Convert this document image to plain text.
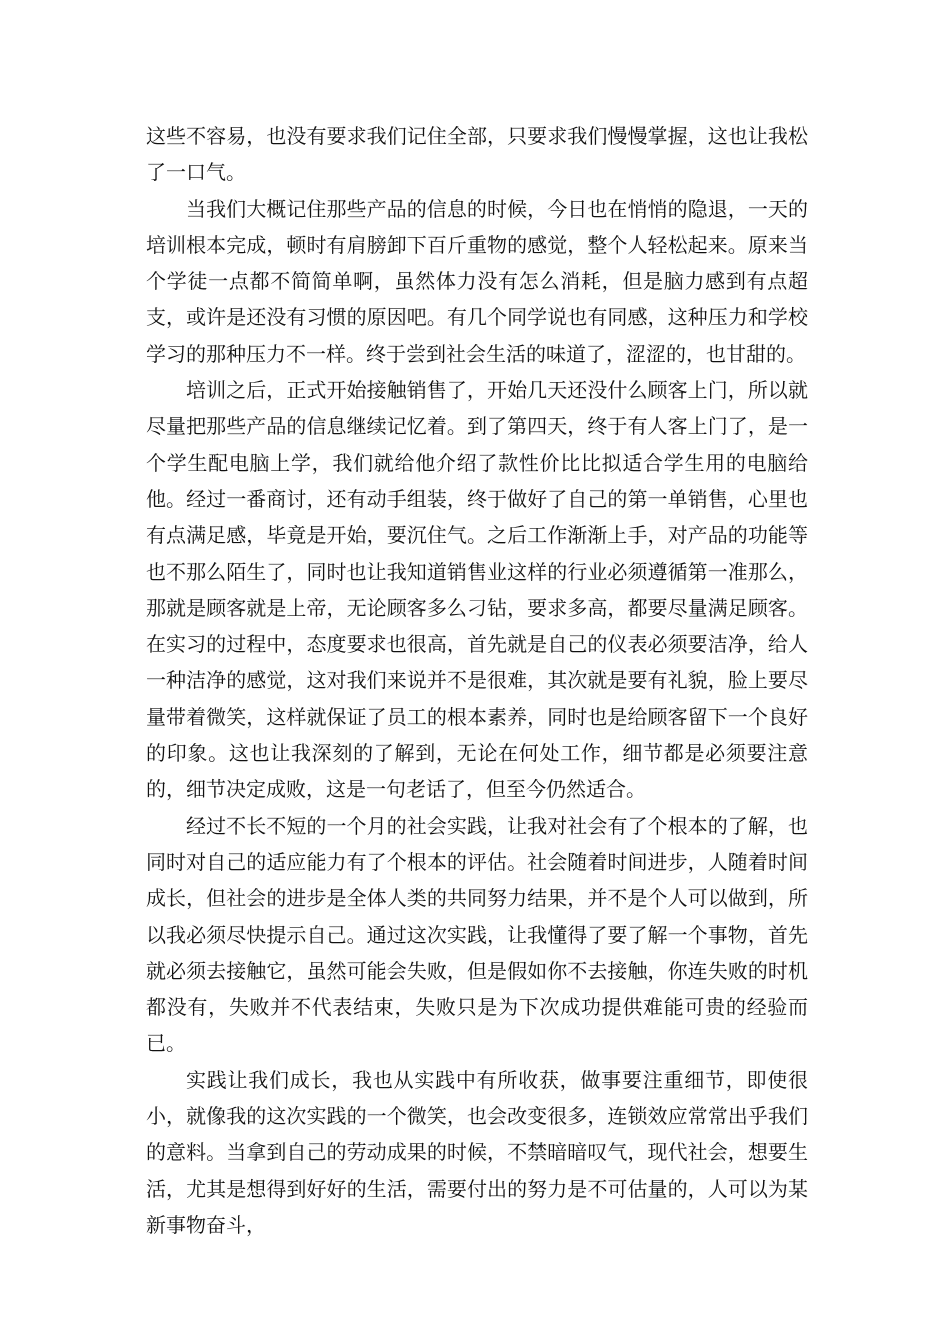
这些不容易，也没有要求我们记住全部，只要求我们慢慢掌握，这也让我松了一口气。

当我们大概记住那些产品的信息的时候，今日也在悄悄的隐退，一天的培训根本完成，顿时有肩膀卸下百斤重物的感觉，整个人轻松起来。原来当个学徒一点都不简简单啊，虽然体力没有怎么消耗，但是脑力感到有点超支，或许是还没有习惯的原因吧。有几个同学说也有同感，这种压力和学校学习的那种压力不一样。终于尝到社会生活的味道了，涩涩的，也甘甜的。

培训之后，正式开始接触销售了，开始几天还没什么顾客上门，所以就尽量把那些产品的信息继续记忆着。到了第四天，终于有人客上门了，是一个学生配电脑上学，我们就给他介绍了款性价比比拟适合学生用的电脑给他。经过一番商讨，还有动手组装，终于做好了自己的第一单销售，心里也有点满足感，毕竟是开始，要沉住气。之后工作渐渐上手，对产品的功能等也不那么陌生了，同时也让我知道销售业这样的行业必须遵循第一准那么，那就是顾客就是上帝，无论顾客多么刁钻，要求多高，都要尽量满足顾客。在实习的过程中，态度要求也很高，首先就是自己的仪表必须要洁净，给人一种洁净的感觉，这对我们来说并不是很难，其次就是要有礼貌，脸上要尽量带着微笑，这样就保证了员工的根本素养，同时也是给顾客留下一个良好的印象。这也让我深刻的了解到，无论在何处工作，细节都是必须要注意的，细节决定成败，这是一句老话了，但至今仍然适合。

经过不长不短的一个月的社会实践，让我对社会有了个根本的了解，也同时对自己的适应能力有了个根本的评估。社会随着时间进步，人随着时间成长，但社会的进步是全体人类的共同努力结果，并不是个人可以做到，所以我必须尽快提示自己。通过这次实践，让我懂得了要了解一个事物，首先就必须去接触它，虽然可能会失败，但是假如你不去接触，你连失败的时机都没有，失败并不代表结束，失败只是为下次成功提供难能可贵的经验而已。

实践让我们成长，我也从实践中有所收获，做事要注重细节，即使很小，就像我的这次实践的一个微笑，也会改变很多，连锁效应常常出乎我们的意料。当拿到自己的劳动成果的时候，不禁暗暗叹气，现代社会，想要生活，尤其是想得到好好的生活，需要付出的努力是不可估量的，人可以为某新事物奋斗，
